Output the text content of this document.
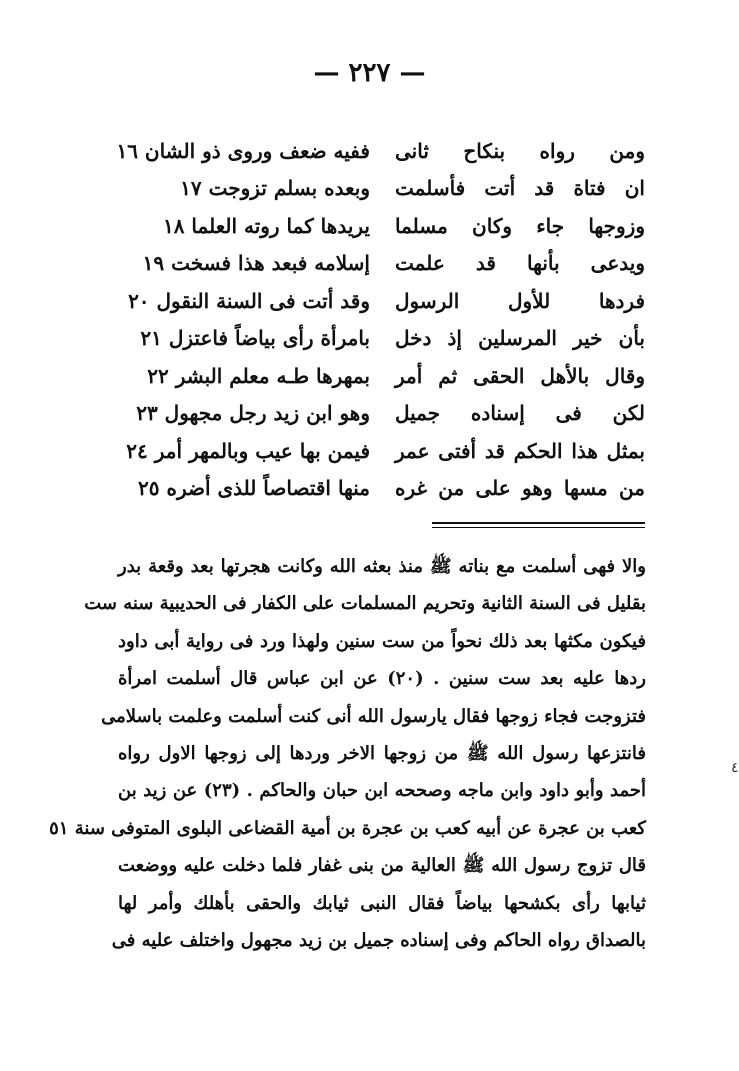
— ٢٢٧ —
ومن رواه بنكاح ثانى
ففيه ضعف وروى ذو الشان ١٦
ان فتاة قد أتت فأسلمت
وبعده بسلم تزوجت ١٧
وزوجها جاء وكان مسلما
يريدها كما روته العلما ١٨
ويدعى بأنها قد علمت
إسلامه فبعد هذا فسخت ١٩
فردها للأول الرسول
وقد أتت فى السنة النقول ٢٠
بأن خير المرسلين إذ دخل
بامرأة رأى بياضاً فاعتزل ٢١
وقال بالأهل الحقى ثم أمر
بمهرها طـه معلم البشر ٢٢
لكن فى إسناده جميل
وهو ابن زيد رجل مجهول ٢٣
بمثل هذا الحكم قد أفتى عمر
فيمن بها عيب وبالمهر أمر ٢٤
من مسها وهو على من غره
منها اقتصاصاً للذى أضره ٢٥
والا فهى أسلمت مع بناته ﷺ منذ بعثه الله وكانت هجرتها بعد وقعة بدر
بقليل فى السنة الثانية وتحريم المسلمات على الكفار فى الحديبية سنه ست
فيكون مكثها بعد ذلك نحواً من ست سنين ولهذا ورد فى رواية أبى داود
ردها عليه بعد ست سنين . (٢٠) عن ابن عباس قال أسلمت امرأة
فتزوجت فجاء زوجها فقال يارسول الله أنى كنت أسلمت وعلمت باسلامى
فانتزعها رسول الله ﷺ من زوجها الاخر وردها إلى زوجها الاول رواه
أحمد وأبو داود وابن ماجه وصححه ابن حبان والحاكم . (٢٣) عن زيد بن
كعب بن عجرة عن أبيه كعب بن عجرة بن أمية القضاعى البلوى المتوفى سنة ٥١
قال تزوج رسول الله ﷺ العالية من بنى غفار فلما دخلت عليه ووضعت
ثيابها رأى بكشحها بياضاً فقال النبى ثيابك والحقى بأهلك وأمر لها
بالصداق رواه الحاكم وفى إسناده جميل بن زيد مجهول واختلف عليه فى
٤
